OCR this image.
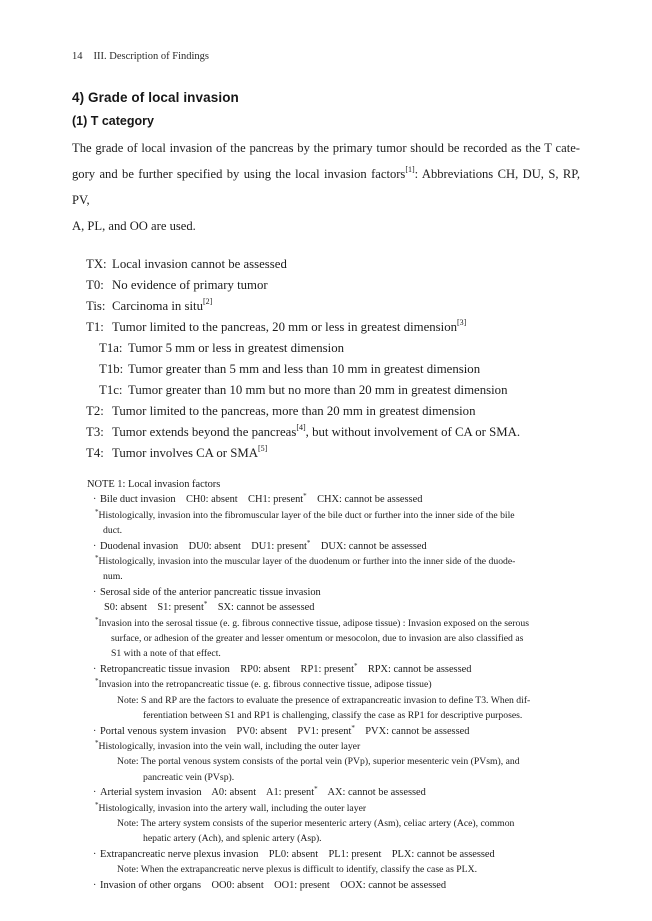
14 III. Description of Findings
4) Grade of local invasion
(1) T category
The grade of local invasion of the pancreas by the primary tumor should be recorded as the T cate-
gory and be further specified by using the local invasion factors[1]: Abbreviations CH, DU, S, RP, PV,
A, PL, and OO are used.
TX: Local invasion cannot be assessed
T0: No evidence of primary tumor
Tis: Carcinoma in situ[2]
T1: Tumor limited to the pancreas, 20 mm or less in greatest dimension[3]
T1a: Tumor 5 mm or less in greatest dimension
T1b: Tumor greater than 5 mm and less than 10 mm in greatest dimension
T1c: Tumor greater than 10 mm but no more than 20 mm in greatest dimension
T2: Tumor limited to the pancreas, more than 20 mm in greatest dimension
T3: Tumor extends beyond the pancreas[4], but without involvement of CA or SMA.
T4: Tumor involves CA or SMA[5]
NOTE 1: Local invasion factors
· Bile duct invasion    CH0: absent    CH1: present*    CHX: cannot be assessed
*Histologically, invasion into the fibromuscular layer of the bile duct or further into the inner side of the bile
duct.
· Duodenal invasion    DU0: absent    DU1: present*    DUX: cannot be assessed
*Histologically, invasion into the muscular layer of the duodenum or further into the inner side of the duode-
num.
· Serosal side of the anterior pancreatic tissue invasion
S0: absent    S1: present*    SX: cannot be assessed
*Invasion into the serosal tissue (e. g. fibrous connective tissue, adipose tissue) : Invasion exposed on the serous
surface, or adhesion of the greater and lesser omentum or mesocolon, due to invasion are also classified as
S1 with a note of that effect.
· Retropancreatic tissue invasion    RP0: absent    RP1: present*    RPX: cannot be assessed
*Invasion into the retropancreatic tissue (e. g. fibrous connective tissue, adipose tissue)
Note: S and RP are the factors to evaluate the presence of extrapancreatic invasion to define T3. When dif-
ferentiation between S1 and RP1 is challenging, classify the case as RP1 for descriptive purposes.
· Portal venous system invasion    PV0: absent    PV1: present*    PVX: cannot be assessed
*Histologically, invasion into the vein wall, including the outer layer
Note: The portal venous system consists of the portal vein (PVp), superior mesenteric vein (PVsm), and
pancreatic vein (PVsp).
· Arterial system invasion    A0: absent    A1: present*    AX: cannot be assessed
*Histologically, invasion into the artery wall, including the outer layer
Note: The artery system consists of the superior mesenteric artery (Asm), celiac artery (Ace), common
hepatic artery (Ach), and splenic artery (Asp).
· Extrapancreatic nerve plexus invasion    PL0: absent    PL1: present    PLX: cannot be assessed
Note: When the extrapancreatic nerve plexus is difficult to identify, classify the case as PLX.
· Invasion of other organs    OO0: absent    OO1: present    OOX: cannot be assessed
